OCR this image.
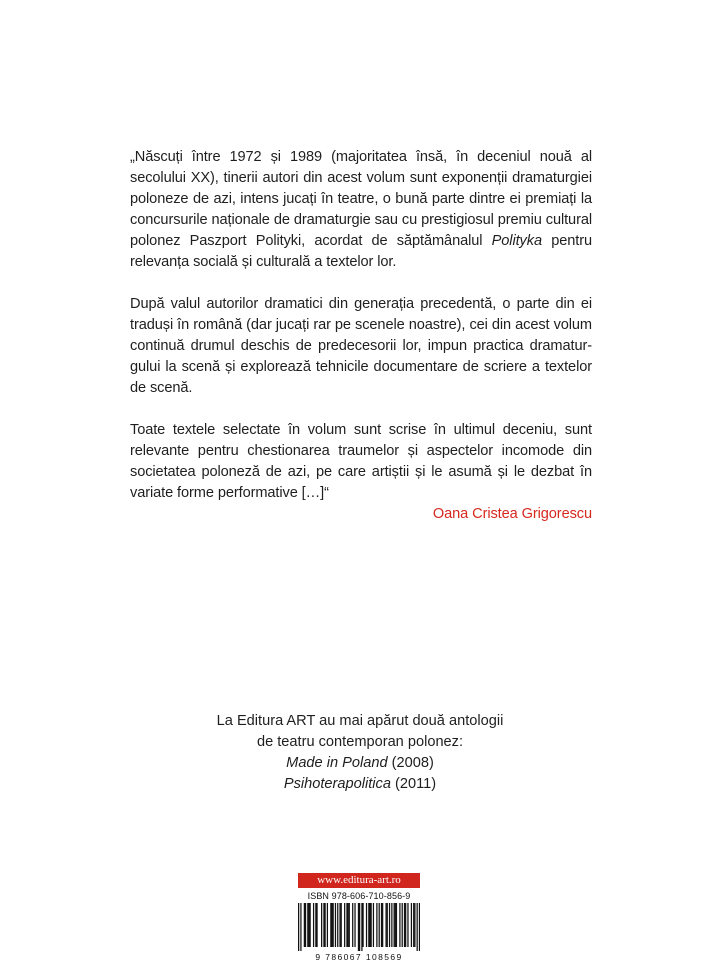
„Născuți între 1972 și 1989 (majoritatea însă, în deceniul nouă al secolului XX), tinerii autori din acest volum sunt exponenții dramaturgiei poloneze de azi, intens jucați în teatre, o bună parte dintre ei premiați la concursurile naționale de dramaturgie sau cu prestigiosul premiu cultural polonez Paszport Polityki, acordat de săptămânalul Polityka pentru relevanța socială și culturală a textelor lor.

După valul autorilor dramatici din generația precedentă, o parte din ei traduși în română (dar jucați rar pe scenele noastre), cei din acest volum continuă drumul deschis de predecesorii lor, impun practica dramatur-gului la scenă și explorează tehnicile documentare de scriere a textelor de scenă.

Toate textele selectate în volum sunt scrise în ultimul deceniu, sunt relevante pentru chestionarea traumelor și aspectelor incomode din societatea poloneză de azi, pe care artiștii și le asumă și le dezbat în variate forme performative […]“

Oana Cristea Grigorescu
La Editura ART au mai apărut două antologii
de teatru contemporan polonez:
Made in Poland (2008)
Psihoterapolitica (2011)
www.editura-art.ro
ISBN 978-606-710-856-9
9 786067 108569
